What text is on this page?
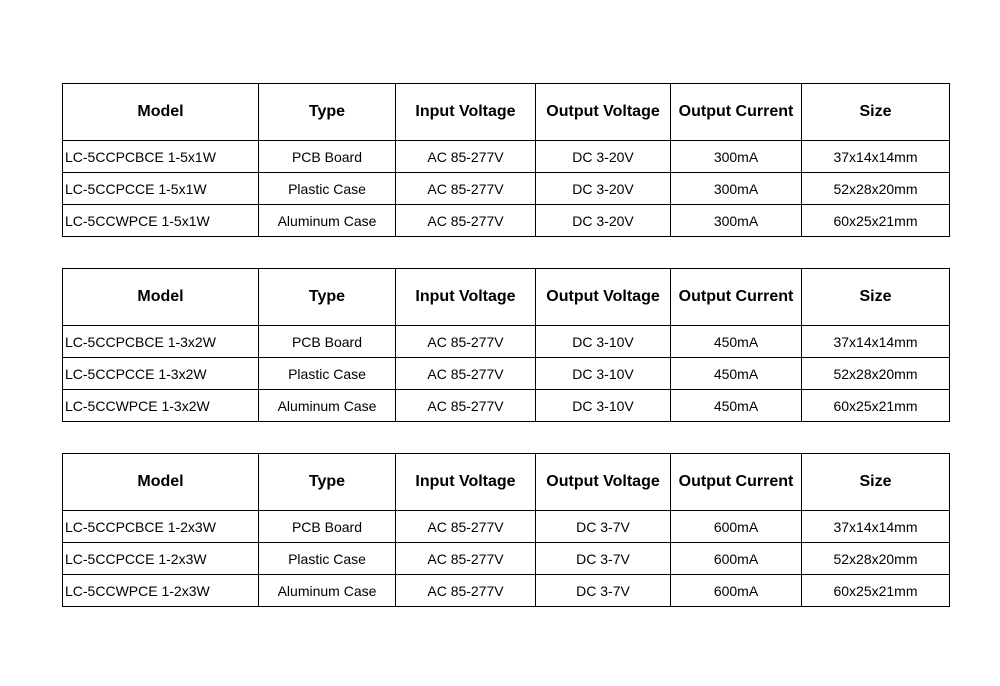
Model	Type	Input Voltage	Output Voltage	Output Current	Size
LC-5CCPCBCE 1-5x1W	PCB Board	AC 85-277V	DC 3-20V	300mA	37x14x14mm
LC-5CCPCCE 1-5x1W	Plastic Case	AC 85-277V	DC 3-20V	300mA	52x28x20mm
LC-5CCWPCE 1-5x1W	Aluminum Case	AC 85-277V	DC 3-20V	300mA	60x25x21mm
Model	Type	Input Voltage	Output Voltage	Output Current	Size
LC-5CCPCBCE 1-3x2W	PCB Board	AC 85-277V	DC 3-10V	450mA	37x14x14mm
LC-5CCPCCE 1-3x2W	Plastic Case	AC 85-277V	DC 3-10V	450mA	52x28x20mm
LC-5CCWPCE 1-3x2W	Aluminum Case	AC 85-277V	DC 3-10V	450mA	60x25x21mm
Model	Type	Input Voltage	Output Voltage	Output Current	Size
LC-5CCPCBCE 1-2x3W	PCB Board	AC 85-277V	DC 3-7V	600mA	37x14x14mm
LC-5CCPCCE 1-2x3W	Plastic Case	AC 85-277V	DC 3-7V	600mA	52x28x20mm
LC-5CCWPCE 1-2x3W	Aluminum Case	AC 85-277V	DC 3-7V	600mA	60x25x21mm
